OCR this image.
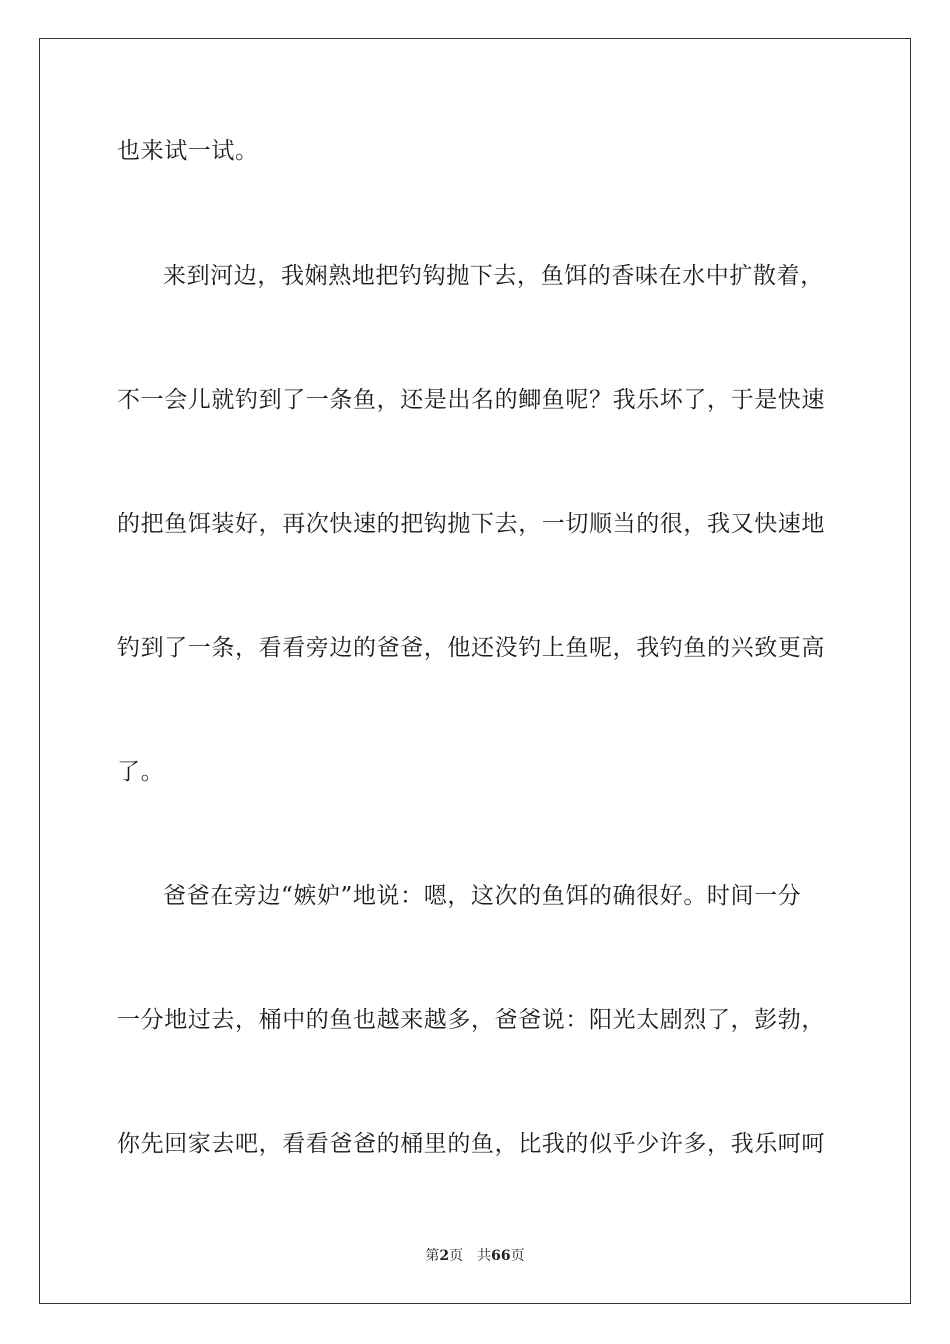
也来试一试。
来到河边，我娴熟地把钓钩抛下去，鱼饵的香味在水中扩散着，
不一会儿就钓到了一条鱼，还是出名的鲫鱼呢？我乐坏了，于是快速
的把鱼饵装好，再次快速的把钩抛下去，一切顺当的很，我又快速地
钓到了一条，看看旁边的爸爸，他还没钓上鱼呢，我钓鱼的兴致更高
了。
爸爸在旁边“嫉妒”地说：嗯，这次的鱼饵的确很好。时间一分
一分地过去，桶中的鱼也越来越多，爸爸说：阳光太剧烈了，彭勃，
你先回家去吧，看看爸爸的桶里的鱼，比我的似乎少许多，我乐呵呵
第2页 共66页
